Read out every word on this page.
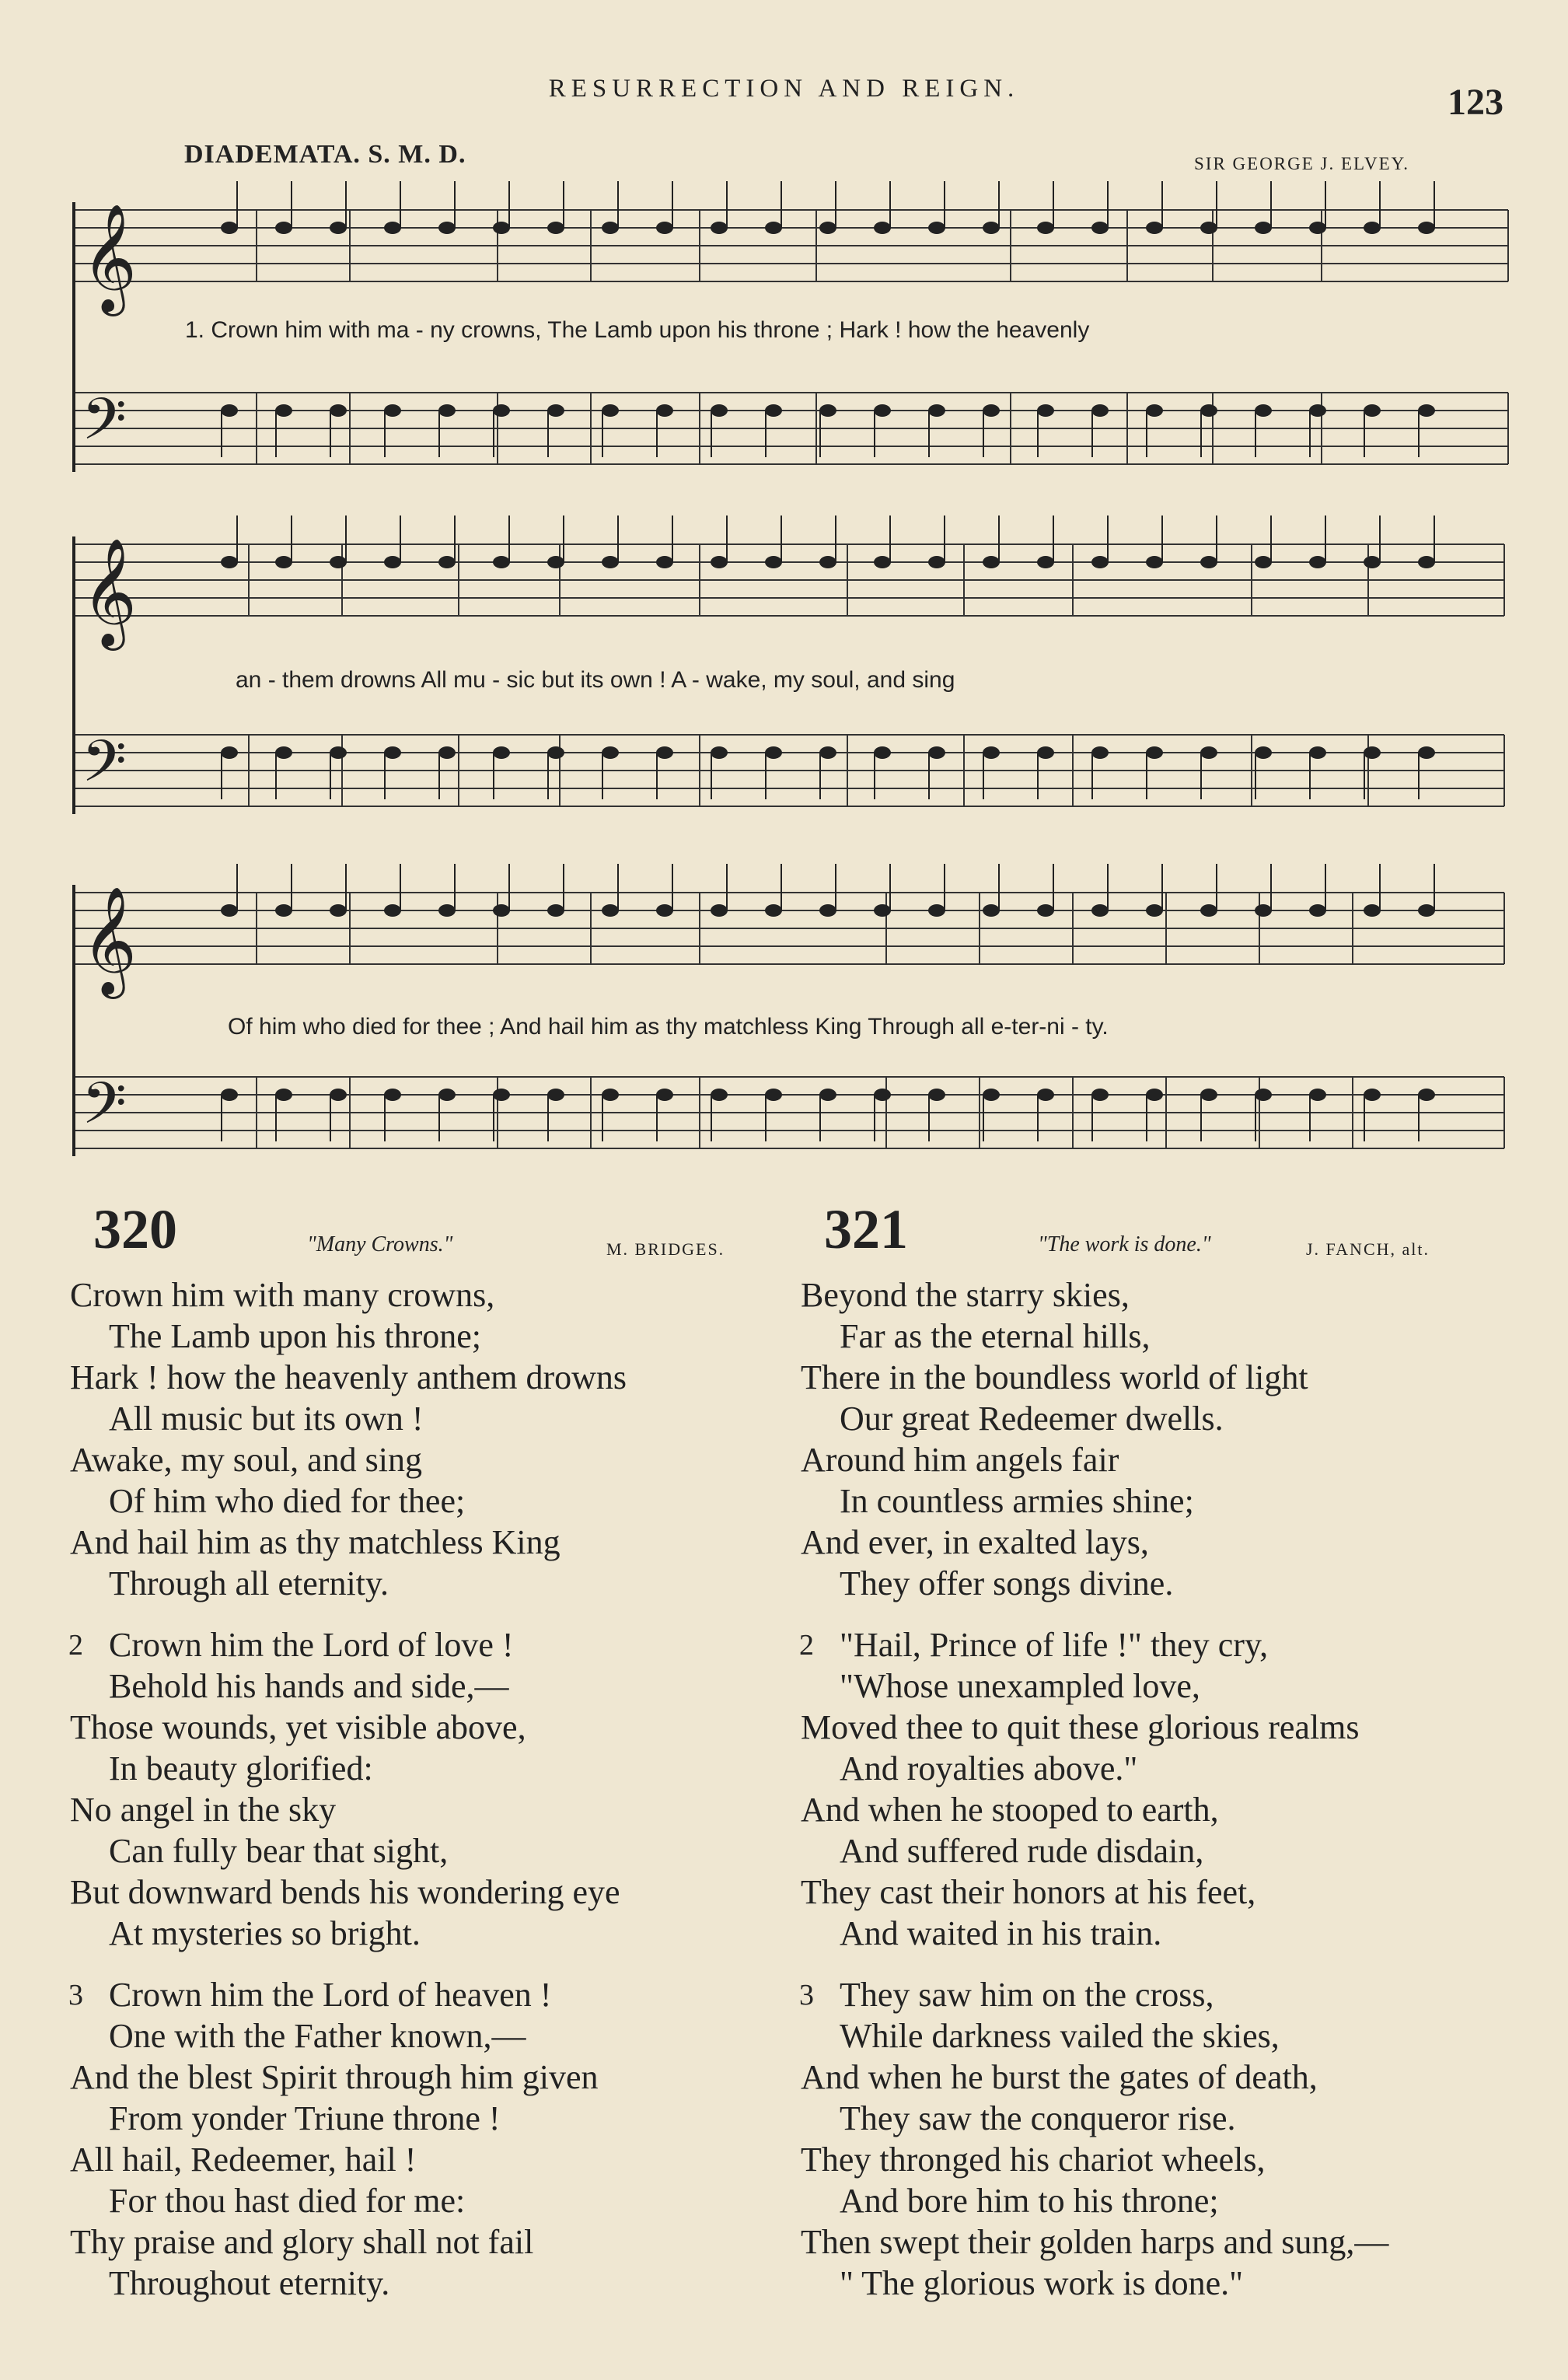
RESURRECTION AND REIGN.	123
DIADEMATA. S. M. D.	SIR GEORGE J. ELVEY.
𝄞
𝄢
𝄞
𝄢
𝄞
𝄢
1. Crown him with ma - ny crowns, The Lamb upon his throne ; Hark ! how the heavenly
an - them drowns All mu - sic but its own ! A - wake, my soul, and sing
Of him who died for thee ; And hail him as thy matchless King Through all e-ter-ni - ty.
320	"Many Crowns."	M. BRIDGES.
Crown him with many crowns,
The Lamb upon his throne;
Hark ! how the heavenly anthem drowns
All music but its own !
Awake, my soul, and sing
Of him who died for thee;
And hail him as thy matchless King
Through all eternity.
2 Crown him the Lord of love !
Behold his hands and side,—
Those wounds, yet visible above,
In beauty glorified:
No angel in the sky
Can fully bear that sight,
But downward bends his wondering eye
At mysteries so bright.
3 Crown him the Lord of heaven !
One with the Father known,—
And the blest Spirit through him given
From yonder Triune throne !
All hail, Redeemer, hail !
For thou hast died for me:
Thy praise and glory shall not fail
Throughout eternity.
321	"The work is done."	J. FANCH, alt.
Beyond the starry skies,
Far as the eternal hills,
There in the boundless world of light
Our great Redeemer dwells.
Around him angels fair
In countless armies shine;
And ever, in exalted lays,
They offer songs divine.
2 "Hail, Prince of life !" they cry,
"Whose unexampled love,
Moved thee to quit these glorious realms
And royalties above."
And when he stooped to earth,
And suffered rude disdain,
They cast their honors at his feet,
And waited in his train.
3 They saw him on the cross,
While darkness vailed the skies,
And when he burst the gates of death,
They saw the conqueror rise.
They thronged his chariot wheels,
And bore him to his throne;
Then swept their golden harps and sung,—
" The glorious work is done."
